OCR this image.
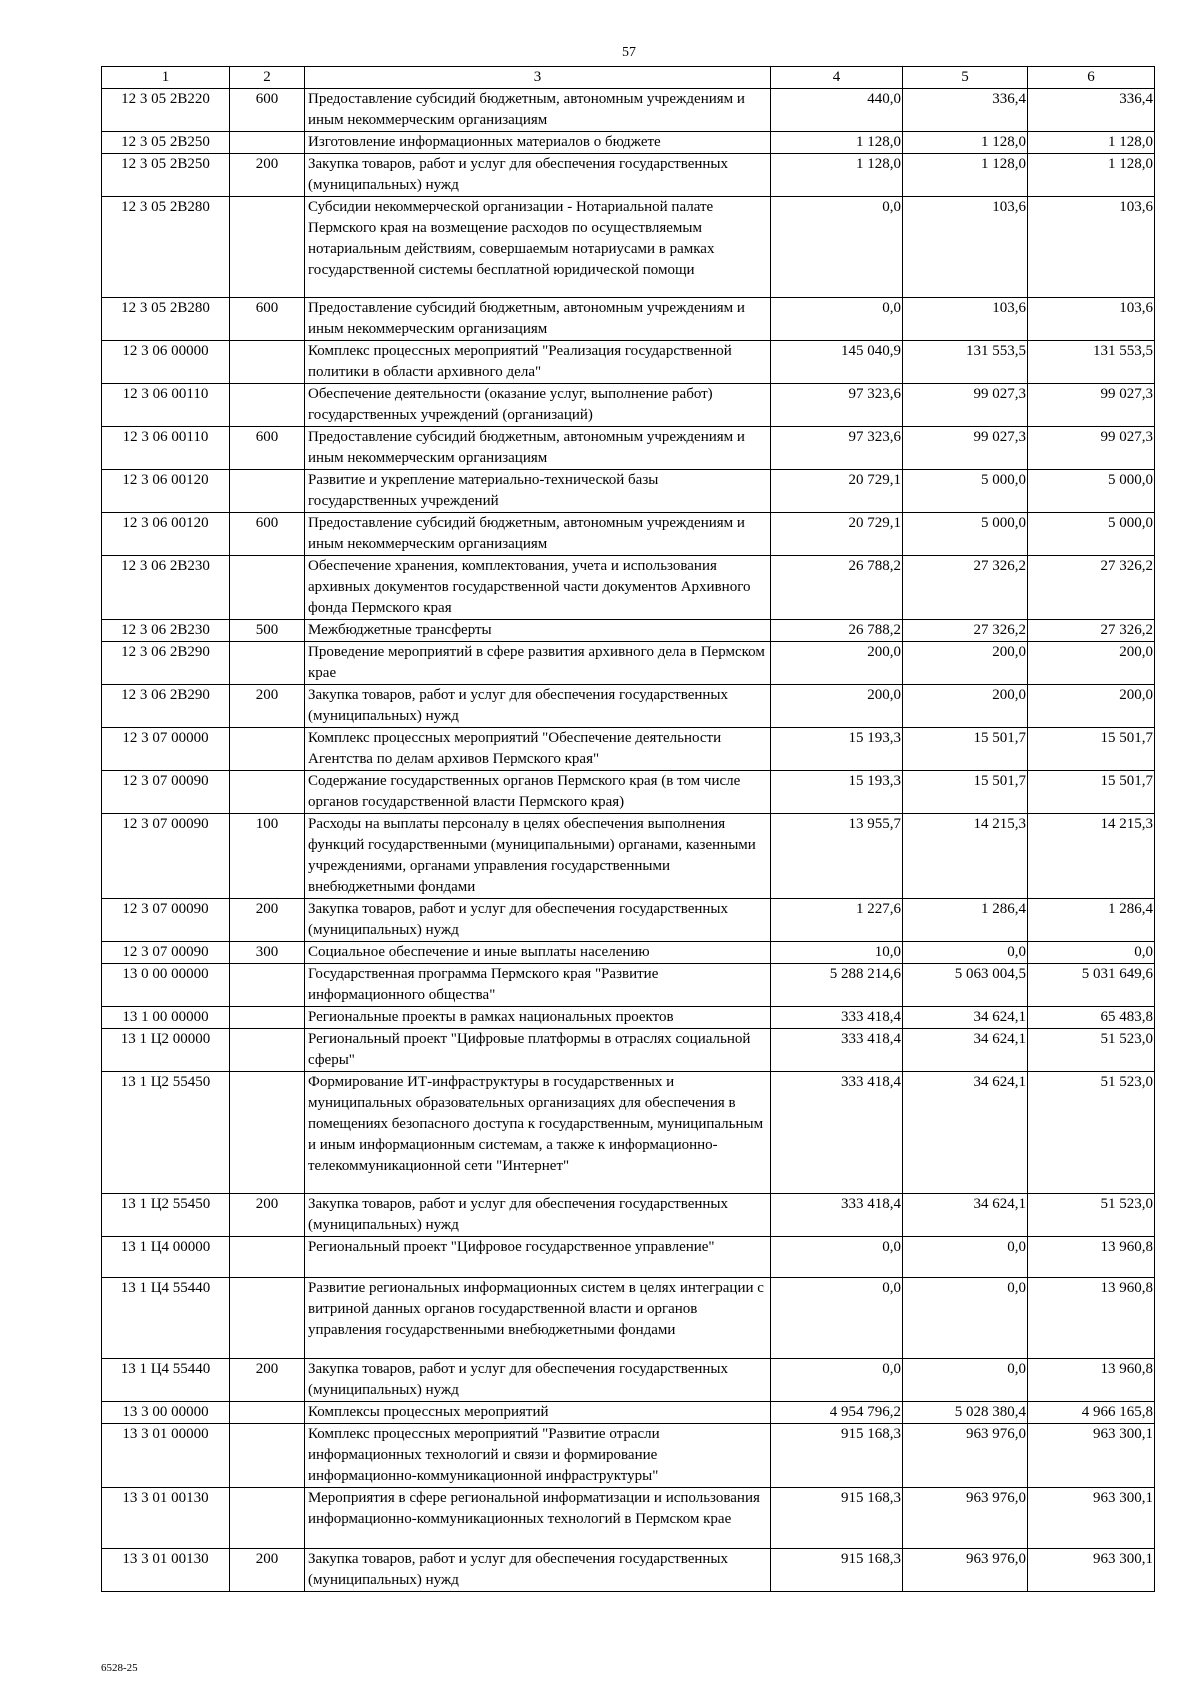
57
1	2	3	4	5	6
12 3 05 2В220	600	Предоставление субсидий бюджетным, автономным учреждениям и иным некоммерческим организациям	440,0	336,4	336,4
12 3 05 2В250		Изготовление информационных материалов о бюджете	1 128,0	1 128,0	1 128,0
12 3 05 2В250	200	Закупка товаров, работ и услуг для обеспечения государственных (муниципальных) нужд	1 128,0	1 128,0	1 128,0
12 3 05 2В280		Субсидии некоммерческой организации - Нотариальной палате Пермского края на возмещение расходов по осуществляемым нотариальным действиям, совершаемым нотариусами в рамках государственной системы бесплатной юридической помощи	0,0	103,6	103,6
12 3 05 2В280	600	Предоставление субсидий бюджетным, автономным учреждениям и иным некоммерческим организациям	0,0	103,6	103,6
12 3 06 00000		Комплекс процессных мероприятий "Реализация государственной политики в области архивного дела"	145 040,9	131 553,5	131 553,5
12 3 06 00110		Обеспечение деятельности (оказание услуг, выполнение работ) государственных учреждений (организаций)	97 323,6	99 027,3	99 027,3
12 3 06 00110	600	Предоставление субсидий бюджетным, автономным учреждениям и иным некоммерческим организациям	97 323,6	99 027,3	99 027,3
12 3 06 00120		Развитие и укрепление материально-технической базы государственных учреждений	20 729,1	5 000,0	5 000,0
12 3 06 00120	600	Предоставление субсидий бюджетным, автономным учреждениям и иным некоммерческим организациям	20 729,1	5 000,0	5 000,0
12 3 06 2В230		Обеспечение хранения, комплектования, учета и использования архивных документов государственной части документов Архивного фонда Пермского края	26 788,2	27 326,2	27 326,2
12 3 06 2В230	500	Межбюджетные трансферты	26 788,2	27 326,2	27 326,2
12 3 06 2В290		Проведение мероприятий в сфере развития архивного дела в Пермском крае	200,0	200,0	200,0
12 3 06 2В290	200	Закупка товаров, работ и услуг для обеспечения государственных (муниципальных) нужд	200,0	200,0	200,0
12 3 07 00000		Комплекс процессных мероприятий "Обеспечение деятельности Агентства по делам архивов Пермского края"	15 193,3	15 501,7	15 501,7
12 3 07 00090		Содержание государственных органов Пермского края (в том числе органов государственной власти Пермского края)	15 193,3	15 501,7	15 501,7
12 3 07 00090	100	Расходы на выплаты персоналу в целях обеспечения выполнения функций государственными (муниципальными) органами, казенными учреждениями, органами управления государственными внебюджетными фондами	13 955,7	14 215,3	14 215,3
12 3 07 00090	200	Закупка товаров, работ и услуг для обеспечения государственных (муниципальных) нужд	1 227,6	1 286,4	1 286,4
12 3 07 00090	300	Социальное обеспечение и иные выплаты населению	10,0	0,0	0,0
13 0 00 00000		Государственная программа Пермского края "Развитие информационного общества"	5 288 214,6	5 063 004,5	5 031 649,6
13 1 00 00000		Региональные проекты в рамках национальных проектов	333 418,4	34 624,1	65 483,8
13 1 Ц2 00000		Региональный проект "Цифровые платформы в отраслях социальной сферы"	333 418,4	34 624,1	51 523,0
13 1 Ц2 55450		Формирование ИТ-инфраструктуры в государственных и муниципальных образовательных организациях для обеспечения в помещениях безопасного доступа к государственным, муниципальным и иным информационным системам, а также к информационно-телекоммуникационной сети "Интернет"	333 418,4	34 624,1	51 523,0
13 1 Ц2 55450	200	Закупка товаров, работ и услуг для обеспечения государственных (муниципальных) нужд	333 418,4	34 624,1	51 523,0
13 1 Ц4 00000		Региональный проект "Цифровое государственное управление"	0,0	0,0	13 960,8
13 1 Ц4 55440		Развитие региональных информационных систем в целях интеграции с витриной данных органов государственной власти и органов управления государственными внебюджетными фондами	0,0	0,0	13 960,8
13 1 Ц4 55440	200	Закупка товаров, работ и услуг для обеспечения государственных (муниципальных) нужд	0,0	0,0	13 960,8
13 3 00 00000		Комплексы процессных мероприятий	4 954 796,2	5 028 380,4	4 966 165,8
13 3 01 00000		Комплекс процессных мероприятий "Развитие отрасли информационных технологий и связи и формирование информационно-коммуникационной инфраструктуры"	915 168,3	963 976,0	963 300,1
13 3 01 00130		Мероприятия в сфере региональной информатизации и использования информационно-коммуникационных технологий в Пермском крае	915 168,3	963 976,0	963 300,1
13 3 01 00130	200	Закупка товаров, работ и услуг для обеспечения государственных (муниципальных) нужд	915 168,3	963 976,0	963 300,1
6528-25
